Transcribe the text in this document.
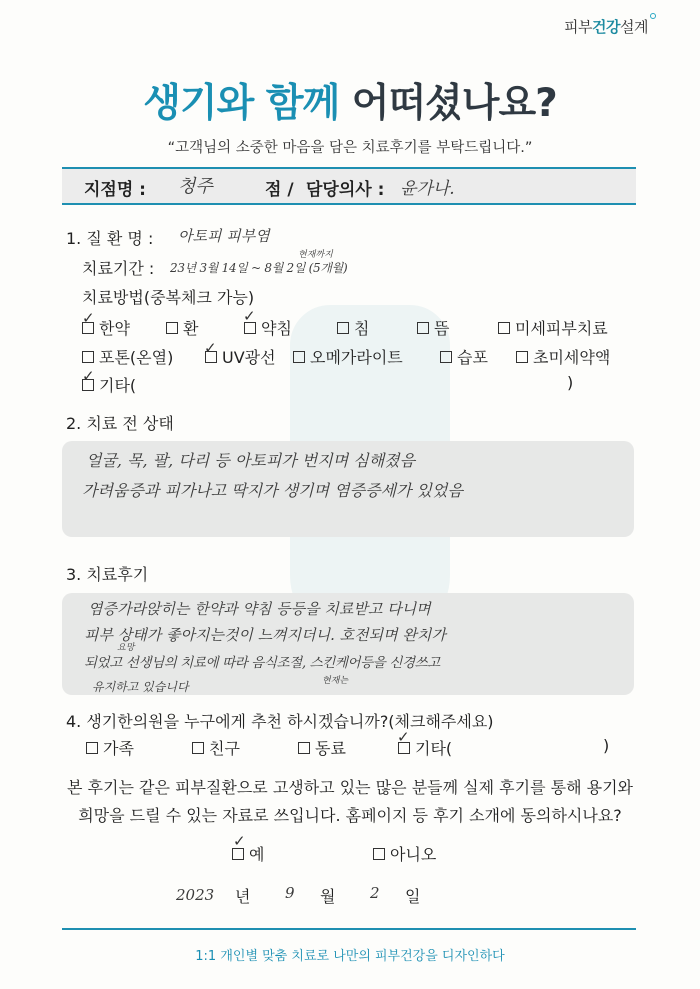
피부건강설계
생기와 함께 어떠셨나요?
“고객님의 소중한 마음을 담은 치료후기를 부탁드립니다.”
지점명 : 청주	점 / 담당의사 : 윤가나.
1. 질 환 명 : 아토피 피부염
치료기간 : 23년 3월 14일 ~ 8월 2일 (5개월)
현재까지
치료방법(중복체크 가능)
한약	환	약침	침	뜸	미세피부치료
포톤(온열)	UV광선	오메가라이트	습포	초미세약액
기타(	)
✓	✓
✓
✓
2. 치료 전 상태
얼굴, 목, 팔, 다리 등 아토피가 번지며 심해졌음
가려움증과 피가나고 딱지가 생기며 염증증세가 있었음
3. 치료후기
염증가라앉히는 한약과 약침 등등을 치료받고 다니며
피부 상태가 좋아지는것이 느껴지더니. 호전되며 완치가
되었고 선생님의 치료에 따라 음식조절, 스킨케어등을 신경쓰고
유지하고 있습니다
요망
현재는
4. 생기한의원을 누구에게 추천 하시겠습니까?(체크해주세요)
가족	친구	동료	기타(	)
✓
본 후기는 같은 피부질환으로 고생하고 있는 많은 분들께 실제 후기를 통해 용기와
희망을 드릴 수 있는 자료로 쓰입니다. 홈페이지 등 후기 소개에 동의하시나요?
예
✓
아니오
2023 년 9 월 2 일
1:1 개인별 맞춤 치료로 나만의 피부건강을 디자인하다
